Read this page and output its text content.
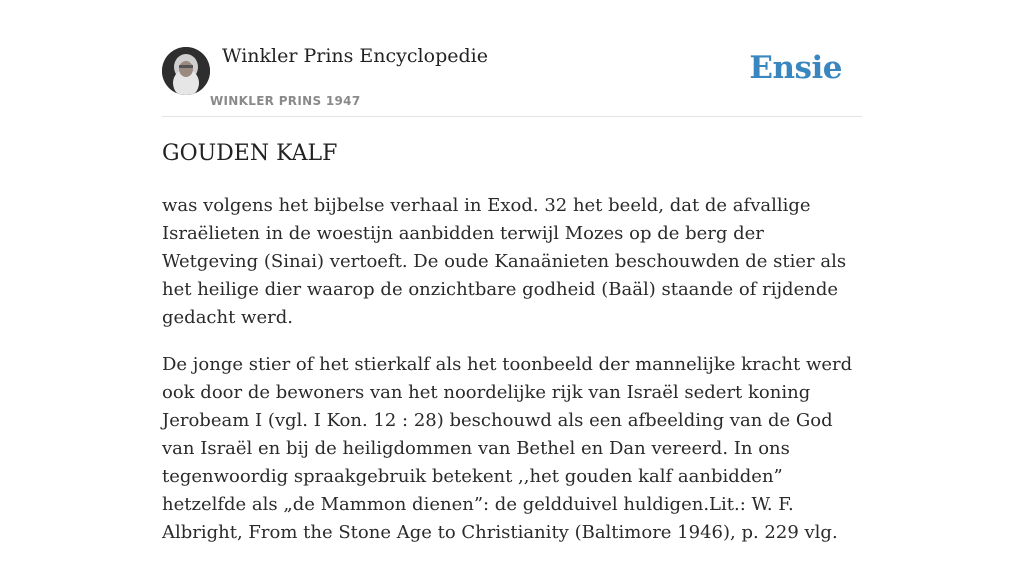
Winkler Prins Encyclopedie
WINKLER PRINS 1947
Ensie
GOUDEN KALF

was volgens het bijbelse verhaal in Exod. 32 het beeld, dat de afvallige Israëlieten in de woestijn aanbidden terwijl Mozes op de berg der Wetgeving (Sinai) vertoeft. De oude Kanaänieten beschouwden de stier als het heilige dier waarop de onzichtbare godheid (Baäl) staande of rijdende gedacht werd.

De jonge stier of het stierkalf als het toonbeeld der mannelijke kracht werd ook door de bewoners van het noordelijke rijk van Israël sedert koning Jerobeam I (vgl. I Kon. 12 : 28) beschouwd als een afbeelding van de God van Israël en bij de heiligdommen van Bethel en Dan vereerd. In ons tegenwoordig spraakgebruik betekent ,,het gouden kalf aanbidden” hetzelfde als „de Mammon dienen”: de geldduivel huldigen.Lit.: W. F. Albright, From the Stone Age to Christianity (Baltimore 1946), p. 229 vlg.
